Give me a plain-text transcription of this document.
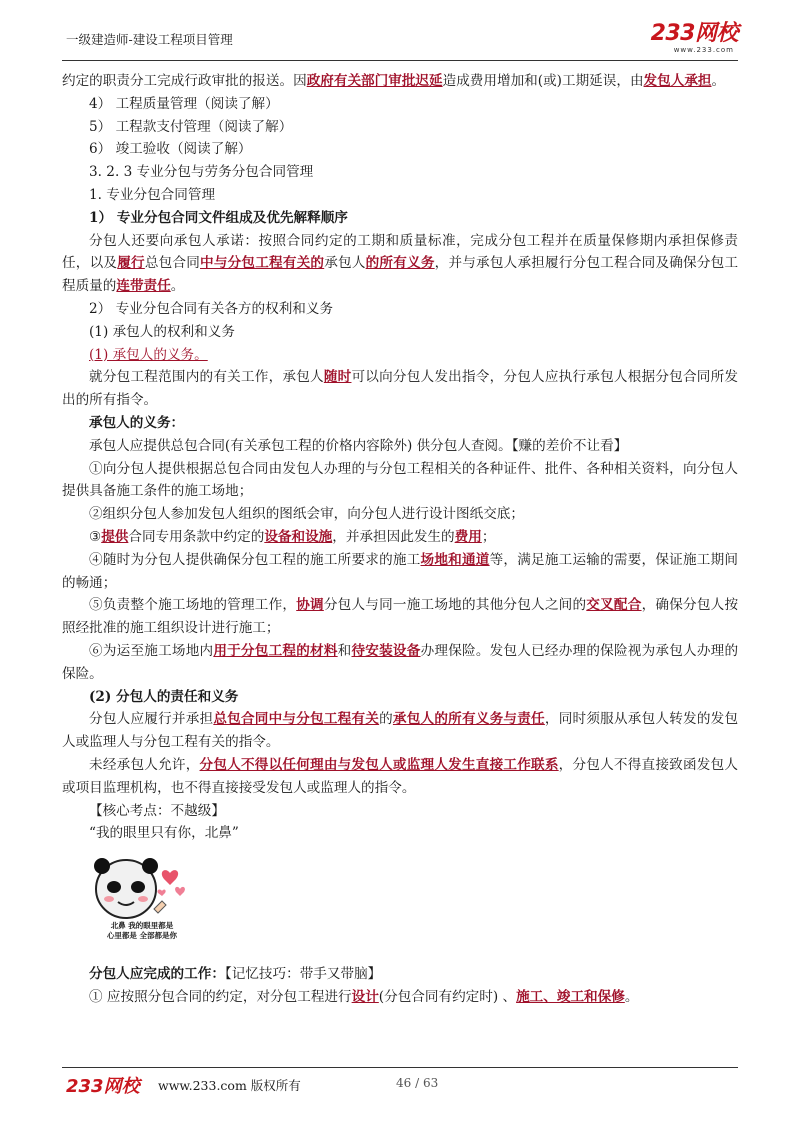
一级建造师-建设工程项目管理	233网校
www.233.com

约定的职责分工完成行政审批的报送。因政府有关部门审批迟延造成费用增加和(或)工期延误，由发包人承担。

4） 工程质量管理（阅读了解）

5） 工程款支付管理（阅读了解）

6） 竣工验收（阅读了解）

3. 2. 3 专业分包与劳务分包合同管理

1. 专业分包合同管理

1） 专业分包合同文件组成及优先解释顺序

分包人还要向承包人承诺：按照合同约定的工期和质量标准，完成分包工程并在质量保修期内承担保修责任，以及履行总包合同中与分包工程有关的承包人的所有义务，并与承包人承担履行分包工程合同及确保分包工程质量的连带责任。

2） 专业分包合同有关各方的权利和义务

(1) 承包人的权利和义务

(1) 承包人的义务。

就分包工程范围内的有关工作，承包人随时可以向分包人发出指令，分包人应执行承包人根据分包合同所发出的所有指令。

承包人的义务：

承包人应提供总包合同(有关承包工程的价格内容除外) 供分包人查阅。【赚的差价不让看】

①向分包人提供根据总包合同由发包人办理的与分包工程相关的各种证件、批件、各种相关资料，向分包人提供具备施工条件的施工场地；

②组织分包人参加发包人组织的图纸会审，向分包人进行设计图纸交底；

③提供合同专用条款中约定的设备和设施，并承担因此发生的费用；

④随时为分包人提供确保分包工程的施工所要求的施工场地和通道等，满足施工运输的需要，保证施工期间的畅通；

⑤负责整个施工场地的管理工作，协调分包人与同一施工场地的其他分包人之间的交叉配合，确保分包人按照经批准的施工组织设计进行施工；

⑥为运至施工场地内用于分包工程的材料和待安装设备办理保险。发包人已经办理的保险视为承包人办理的保险。

(2) 分包人的责任和义务

分包人应履行并承担总包合同中与分包工程有关的承包人的所有义务与责任，同时须服从承包人转发的发包人或监理人与分包工程有关的指令。

未经承包人允许，分包人不得以任何理由与发包人或监理人发生直接工作联系，分包人不得直接致函发包人或项目监理机构，也不得直接接受发包人或监理人的指令。

【核心考点：不越级】

“我的眼里只有你，北鼻”

北鼻 我的眼里都是
心里都是 全部都是你

分包人应完成的工作：【记忆技巧：带手又带脑】

① 应按照分包合同的约定，对分包工程进行设计(分包合同有约定时) 、施工、竣工和保修。

233网校 www.233.com 版权所有	46 / 63
